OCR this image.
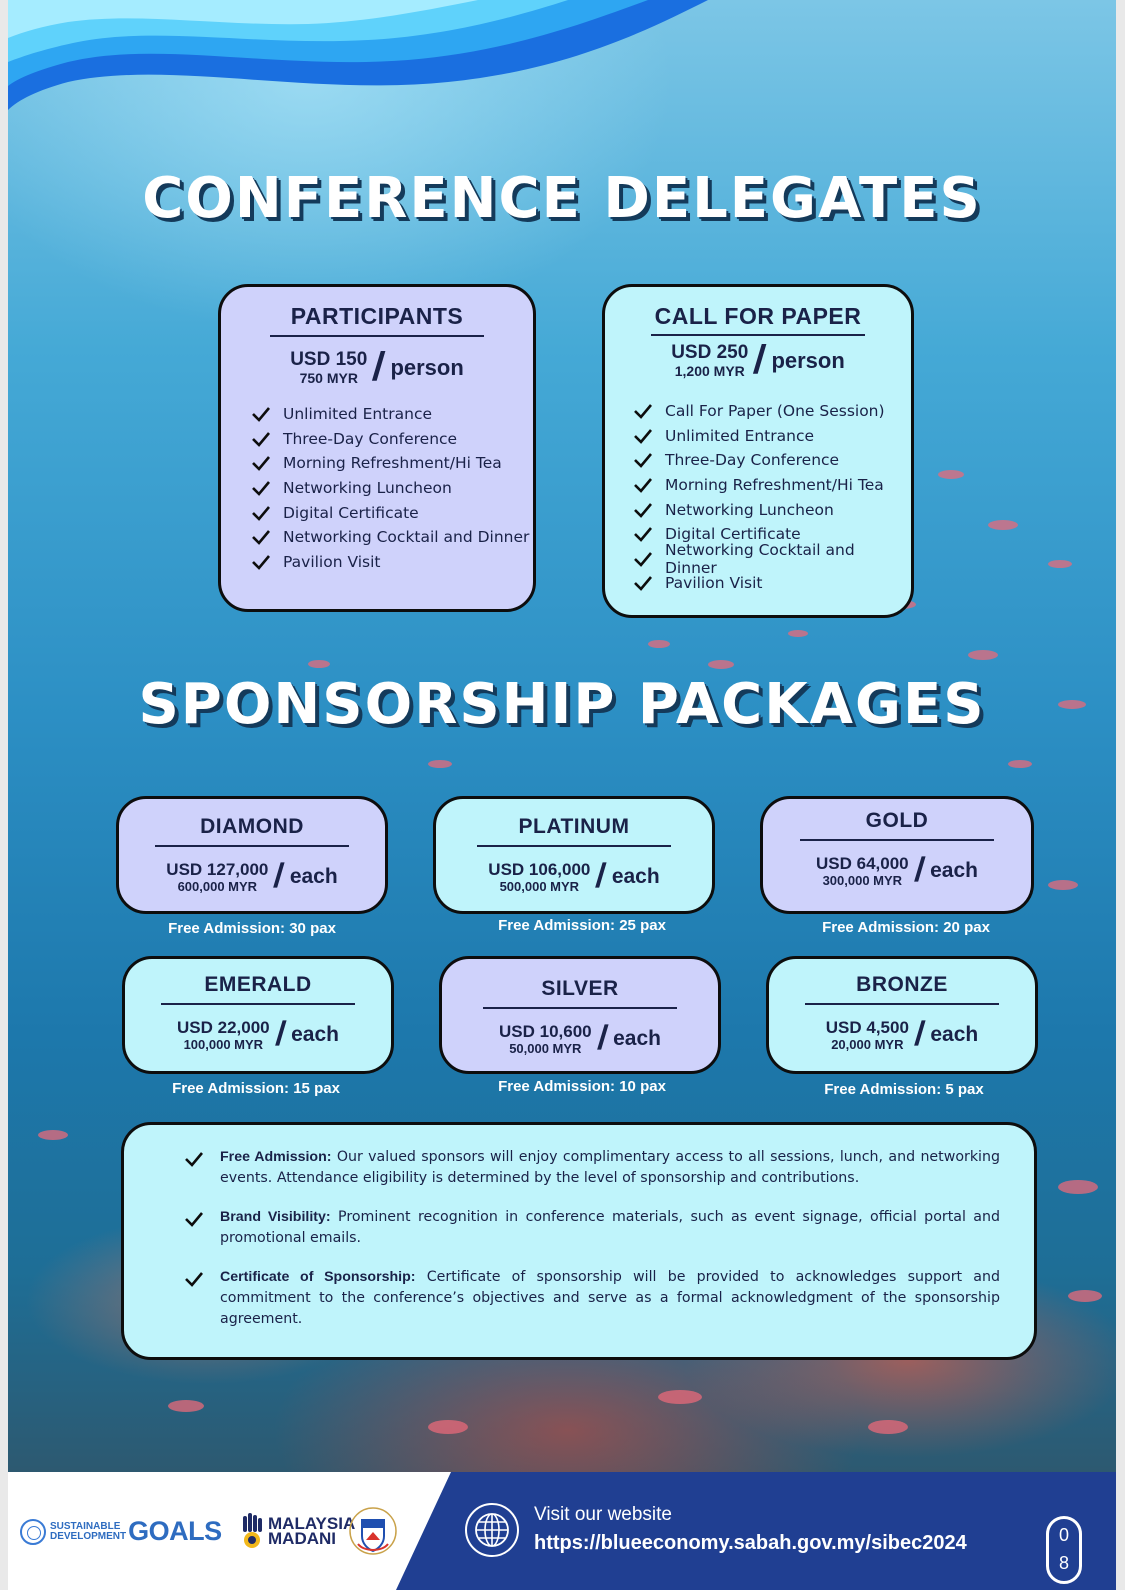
CONFERENCE DELEGATES
PARTICIPANTS
USD 150
750 MYR / person
Unlimited Entrance
Three-Day Conference
Morning Refreshment/Hi Tea
Networking Luncheon
Digital Certificate
Networking Cocktail and Dinner
Pavilion Visit
CALL FOR PAPER
USD 250
1,200 MYR / person
Call For Paper (One Session)
Unlimited Entrance
Three-Day Conference
Morning Refreshment/Hi Tea
Networking Luncheon
Digital Certificate
Networking Cocktail and Dinner
Pavilion Visit
SPONSORSHIP PACKAGES
DIAMOND
USD 127,000
600,000 MYR / each
Free Admission: 30 pax
PLATINUM
USD 106,000
500,000 MYR / each
Free Admission: 25 pax
GOLD
USD 64,000
300,000 MYR / each
Free Admission: 20 pax
EMERALD
USD 22,000
100,000 MYR / each
Free Admission: 15 pax
SILVER
USD 10,600
50,000 MYR / each
Free Admission: 10 pax
BRONZE
USD 4,500
20,000 MYR / each
Free Admission: 5 pax

Free Admission: Our valued sponsors will enjoy complimentary access to all sessions, lunch, and networking events. Attendance eligibility is determined by the level of sponsorship and contributions.

Brand Visibility: Prominent recognition in conference materials, such as event signage, official portal and promotional emails.

Certificate of Sponsorship: Certificate of sponsorship will be provided to acknowledges support and commitment to the conference’s objectives and serve as a formal acknowledgment of the sponsorship agreement.

SUSTAINABLE
DEVELOPMENT GOALS	MALAYSIA
MADANI
Visit our website
https://blueeconomy.sabah.gov.my/sibec2024	0
8
